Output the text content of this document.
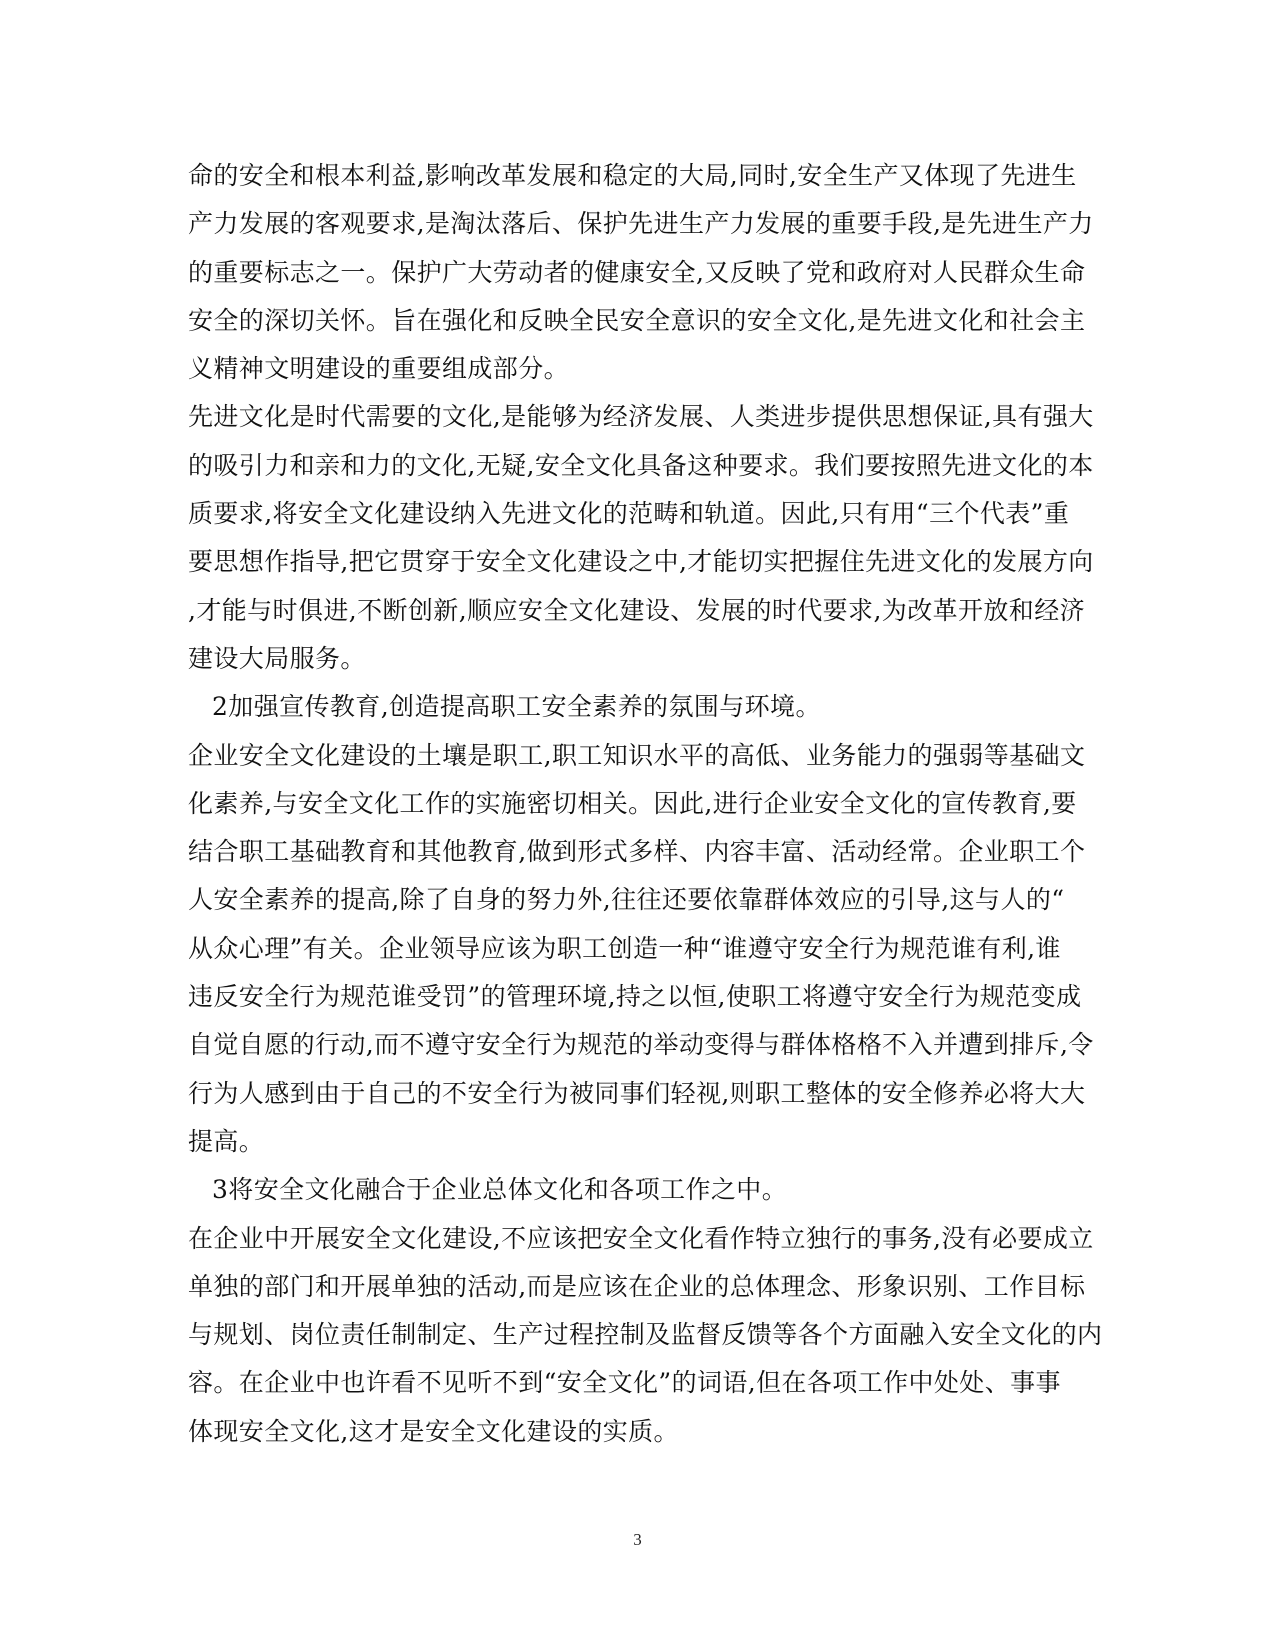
命的安全和根本利益,影响改革发展和稳定的大局,同时,安全生产又体现了先进生
产力发展的客观要求,是淘汰落后、保护先进生产力发展的重要手段,是先进生产力
的重要标志之一。保护广大劳动者的健康安全,又反映了党和政府对人民群众生命
安全的深切关怀。旨在强化和反映全民安全意识的安全文化,是先进文化和社会主
义精神文明建设的重要组成部分。
先进文化是时代需要的文化,是能够为经济发展、人类进步提供思想保证,具有强大
的吸引力和亲和力的文化,无疑,安全文化具备这种要求。我们要按照先进文化的本
质要求,将安全文化建设纳入先进文化的范畴和轨道。因此,只有用“三个代表”重
要思想作指导,把它贯穿于安全文化建设之中,才能切实把握住先进文化的发展方向
,才能与时俱进,不断创新,顺应安全文化建设、发展的时代要求,为改革开放和经济
建设大局服务。
2加强宣传教育,创造提高职工安全素养的氛围与环境。
企业安全文化建设的土壤是职工,职工知识水平的高低、业务能力的强弱等基础文
化素养,与安全文化工作的实施密切相关。因此,进行企业安全文化的宣传教育,要
结合职工基础教育和其他教育,做到形式多样、内容丰富、活动经常。企业职工个
人安全素养的提高,除了自身的努力外,往往还要依靠群体效应的引导,这与人的“
从众心理”有关。企业领导应该为职工创造一种“谁遵守安全行为规范谁有利,谁
违反安全行为规范谁受罚”的管理环境,持之以恒,使职工将遵守安全行为规范变成
自觉自愿的行动,而不遵守安全行为规范的举动变得与群体格格不入并遭到排斥,令
行为人感到由于自己的不安全行为被同事们轻视,则职工整体的安全修养必将大大
提高。
3将安全文化融合于企业总体文化和各项工作之中。
在企业中开展安全文化建设,不应该把安全文化看作特立独行的事务,没有必要成立
单独的部门和开展单独的活动,而是应该在企业的总体理念、形象识别、工作目标
与规划、岗位责任制制定、生产过程控制及监督反馈等各个方面融入安全文化的内
容。在企业中也许看不见听不到“安全文化”的词语,但在各项工作中处处、事事
体现安全文化,这才是安全文化建设的实质。
3
